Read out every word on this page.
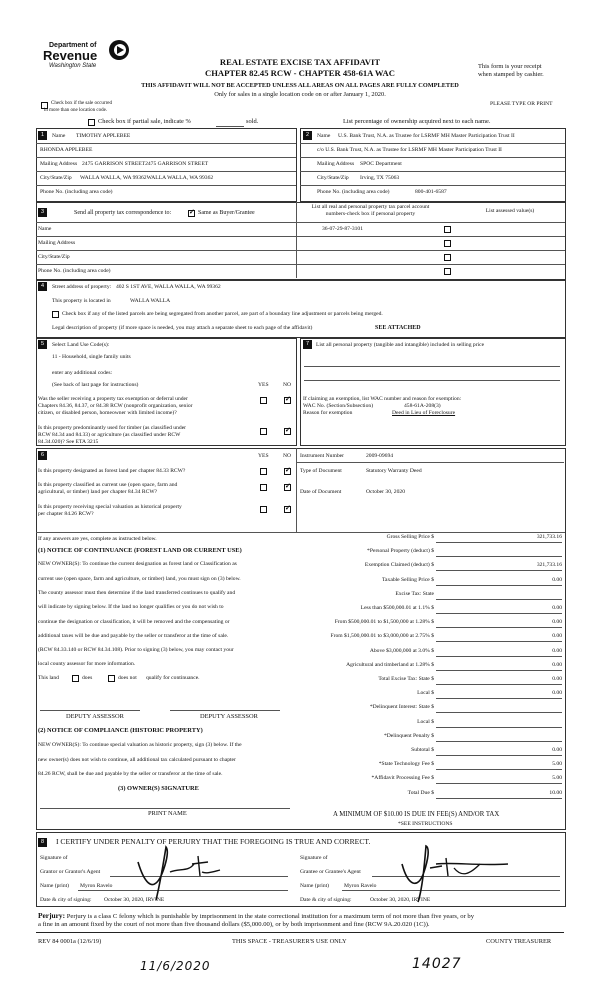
Department of
Revenue
Washington State	REAL ESTATE EXCISE TAX AFFIDAVIT
CHAPTER 82.45 RCW - CHAPTER 458-61A WAC
This form is your receipt
when stamped by cashier.
THIS AFFIDAVIT WILL NOT BE ACCEPTED UNLESS ALL AREAS ON ALL PAGES ARE FULLY COMPLETED
Only for sales in a single location code on or after January 1, 2020.
PLEASE TYPE OR PRINT
Check box if the sale occurred
in more than one location code.
Check box if partial sale, indicate %	sold.	List percentage of ownership acquired next to each name.
1	2
Name TIMOTHY APPLEBEE
RHONDA APPLEBEE
Mailing Address 2475 GARRISON STREET2475 GARRISON STREET
City/State/Zip WALLA WALLA, WA 99362WALLA WALLA, WA 99362
Phone No. (including area code)
Name U.S. Bank Trust, N.A. as Trustee for LSRMF MH Master Participation Trust II
c/o U.S. Bank Trust, N.A. as Trustee for LSRMF MH Master Participation Trust II
Mailing Address SPOC Department
City/State/Zip Irving, TX 75063
Phone No. (including area code)	800-401-6587
3	Send all property tax correspondence to:
✓	Same as Buyer/Grantee
List all real and personal property tax parcel account
numbers-check box if personal property	List assessed value(s)
Name	36-07-29-87-3101
Mailing Address
City/State/Zip
Phone No. (including area code)
4	Street address of property: 402 S 1ST AVE, WALLA WALLA, WA 99362
This property is located in	WALLA WALLA
Check box if any of the listed parcels are being segregated from another parcel, are part of a boundary line adjustment or parcels being merged.
Legal description of property (if more space is needed, you may attach a separate sheet to each page of the affidavit)	SEE ATTACHED
5	Select Land Use Code(s):
11 - Household, single family units
enter any additional codes:
(See back of last page for instructions)	YES	NO
Was the seller receiving a property tax exemption or deferral under
Chapters 84.36, 84.37, or 84.38 RCW (nonprofit organization, senior
citizen, or disabled person, homeowner with limited income)?
✓
Is this property predominantly used for timber (as classified under
RCW 84.34 and 84.33) or agriculture (as classified under RCW
84.34.020)? See ETA 3215
✓
7	List all personal property (tangible and intangible) included in selling price
If claiming an exemption, list WAC number and reason for exemption:
WAC No. (Section/Subsection)	458-61A-208(3)
Reason for exemption	Deed in Lieu of Foreclosure
6	YES	NO
Is this property designated as forest land per chapter 84.33 RCW?
✓
Is this property classified as current use (open space, farm and
agricultural, or timber) land per chapter 84.34 RCW?
✓
Is this property receiving special valuation as historical property
per chapter 84.26 RCW?
✓
Instrument Number	2009-09694
Type of Document	Statutory Warranty Deed
Date of Document	October 30, 2020
If any answers are yes, complete as instructed below.
(1) NOTICE OF CONTINUANCE (FOREST LAND OR CURRENT USE)
NEW OWNER(S): To continue the current designation as forest land or Classification as
current use (open space, farm and agriculture, or timber) land, you must sign on (3) below.
The county assessor must then determine if the land transferred continues to qualify and
will indicate by signing below. If the land no longer qualifies or you do not wish to
continue the designation or classification, it will be removed and the compensating or
additional taxes will be due and payable by the seller or transferor at the time of sale.
(RCW 84.33.140 or RCW 84.34.108). Prior to signing (3) below, you may contact your
local county assessor for more information.
This land	does	does not qualify for continuance.
DEPUTY ASSESSOR	DEPUTY ASSESSOR
(2) NOTICE OF COMPLIANCE (HISTORIC PROPERTY)
NEW OWNER(S): To continue special valuation as historic property, sign (3) below. If the
new owner(s) does not wish to continue, all additional tax calculated pursuant to chapter
84.26 RCW, shall be due and payable by the seller or transferor at the time of sale.
(3) OWNER(S) SIGNATURE
PRINT NAME
Gross Selling Price $	321,733.16
*Personal Property (deduct) $
Exemption Claimed (deduct) $	321,733.16
Taxable Selling Price $	0.00
Excise Tax: State
Less than $500,000.01 at 1.1% $	0.00
From $500,000.01 to $1,500,000 at 1.28% $	0.00
From $1,500,000.01 to $3,000,000 at 2.75% $	0.00
Above $3,000,000 at 3.0% $	0.00
Agricultural and timberland at 1.28% $	0.00
Total Excise Tax: State $	0.00
Local $	0.00
*Delinquent Interest: State $
Local $
*Delinquent Penalty $
Subtotal $	0.00
*State Technology Fee $	5.00
*Affidavit Processing Fee $	5.00
Total Due $	10.00
A MINIMUM OF $10.00 IS DUE IN FEE(S) AND/OR TAX
*SEE INSTRUCTIONS
8	I CERTIFY UNDER PENALTY OF PERJURY THAT THE FOREGOING IS TRUE AND CORRECT.
Signature of
Grantor or Grantor's Agent
Name (print) Myron Ravelo
Date & city of signing: October 30, 2020, IRVINE
Signature of
Grantee or Grantee's Agent
Name (print)	Myron Ravelo
Date & city of signing:	October 30, 2020, IRVINE
Perjury: Perjury is a class C felony which is punishable by imprisonment in the state correctional institution for a maximum term of not more than five years, or by
a fine in an amount fixed by the court of not more than five thousand dollars ($5,000.00), or by both imprisonment and fine (RCW 9A.20.020 (1C)).
REV 84 0001a (12/6/19)	THIS SPACE - TREASURER'S USE ONLY	COUNTY TREASURER
11/6/2020	14027
